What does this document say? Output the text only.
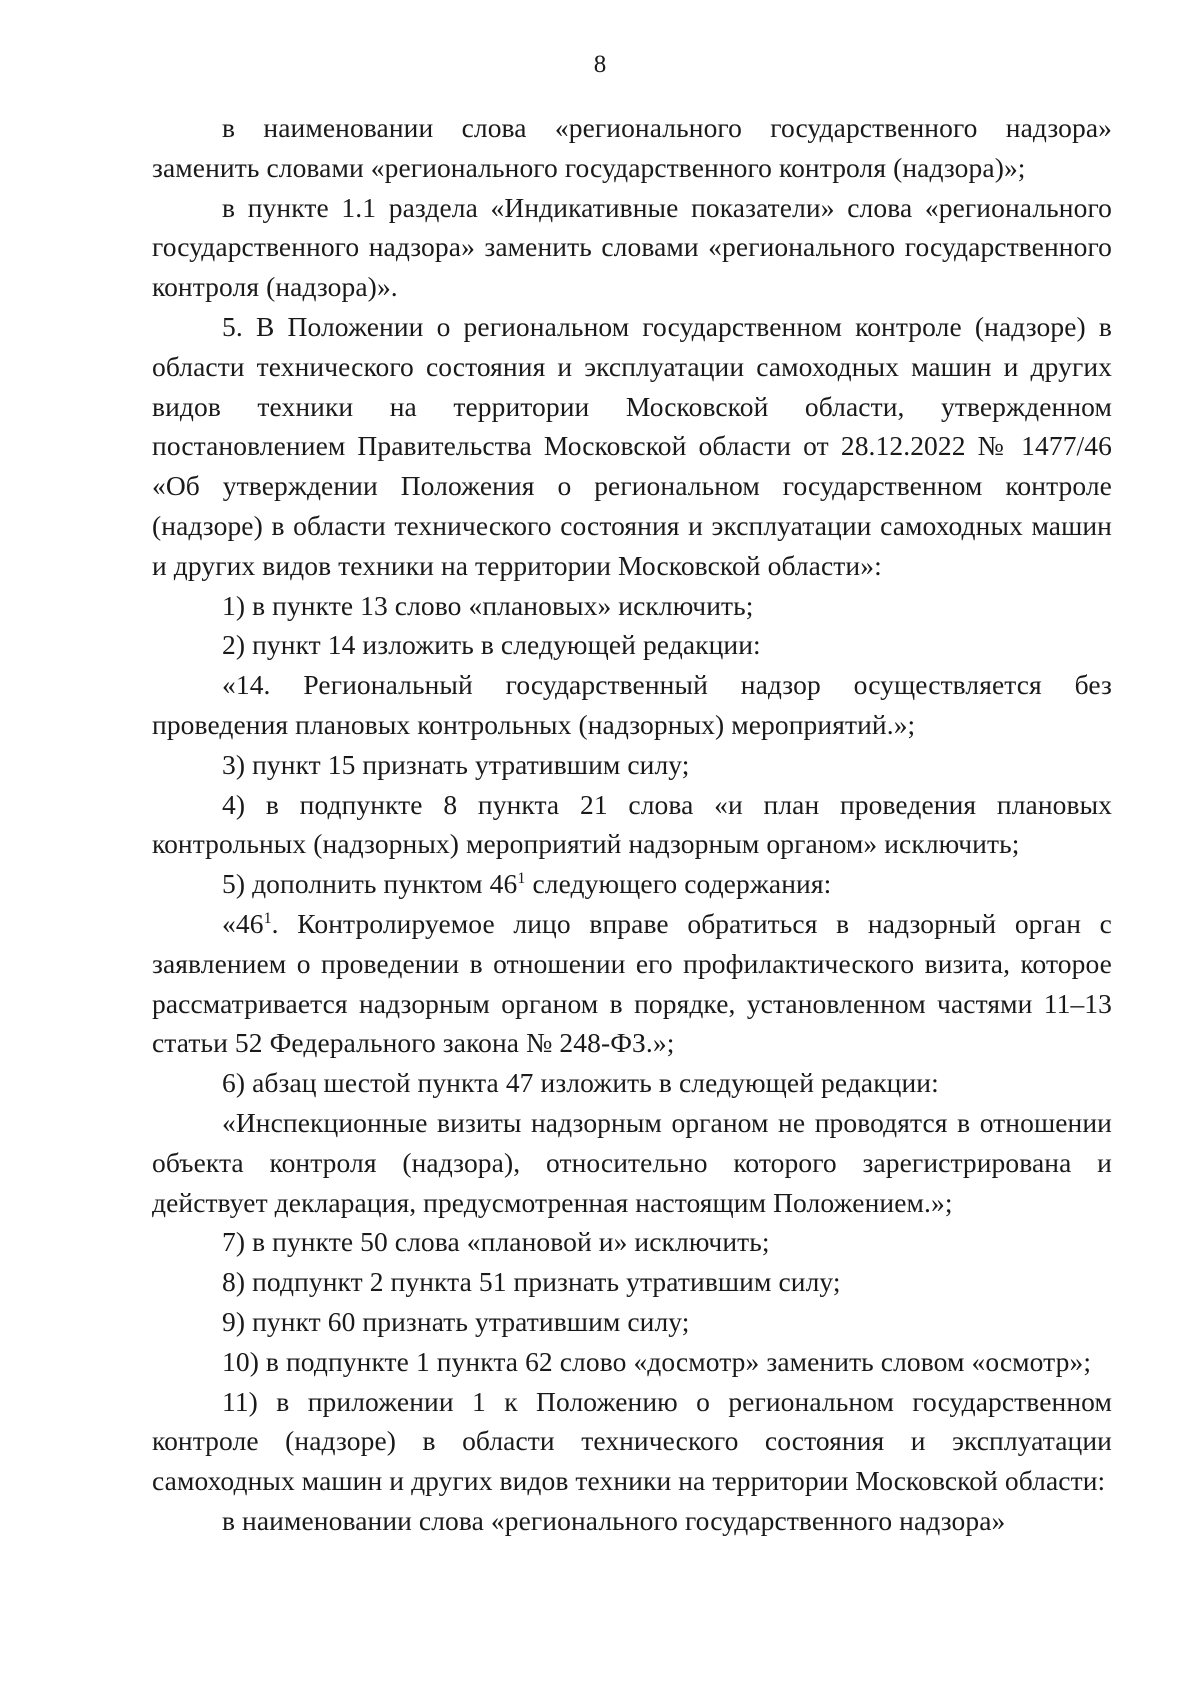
8

в наименовании слова «регионального государственного надзора» заменить словами «регионального государственного контроля (надзора)»;

в пункте 1.1 раздела «Индикативные показатели» слова «регионального государственного надзора» заменить словами «регионального государственного контроля (надзора)».

5. В Положении о региональном государственном контроле (надзоре) в области технического состояния и эксплуатации самоходных машин и других видов техники на территории Московской области, утвержденном постановлением Правительства Московской области от 28.12.2022 № 1477/46 «Об утверждении Положения о региональном государственном контроле (надзоре) в области технического состояния и эксплуатации самоходных машин и других видов техники на территории Московской области»:

1) в пункте 13 слово «плановых» исключить;

2) пункт 14 изложить в следующей редакции:

«14. Региональный государственный надзор осуществляется без проведения плановых контрольных (надзорных) мероприятий.»;

3) пункт 15 признать утратившим силу;

4) в подпункте 8 пункта 21 слова «и план проведения плановых контрольных (надзорных) мероприятий надзорным органом» исключить;

5) дополнить пунктом $46^1$ следующего содержания:

«$46^1$. Контролируемое лицо вправе обратиться в надзорный орган с заявлением о проведении в отношении его профилактического визита, которое рассматривается надзорным органом в порядке, установленном частями 11–13 статьи 52 Федерального закона № 248-ФЗ.»;

6) абзац шестой пункта 47 изложить в следующей редакции:

«Инспекционные визиты надзорным органом не проводятся в отношении объекта контроля (надзора), относительно которого зарегистрирована и действует декларация, предусмотренная настоящим Положением.»;

7) в пункте 50 слова «плановой и» исключить;

8) подпункт 2 пункта 51 признать утратившим силу;

9) пункт 60 признать утратившим силу;

10) в подпункте 1 пункта 62 слово «досмотр» заменить словом «осмотр»;

11) в приложении 1 к Положению о региональном государственном контроле (надзоре) в области технического состояния и эксплуатации самоходных машин и других видов техники на территории Московской области:

в наименовании слова «регионального государственного надзора»
